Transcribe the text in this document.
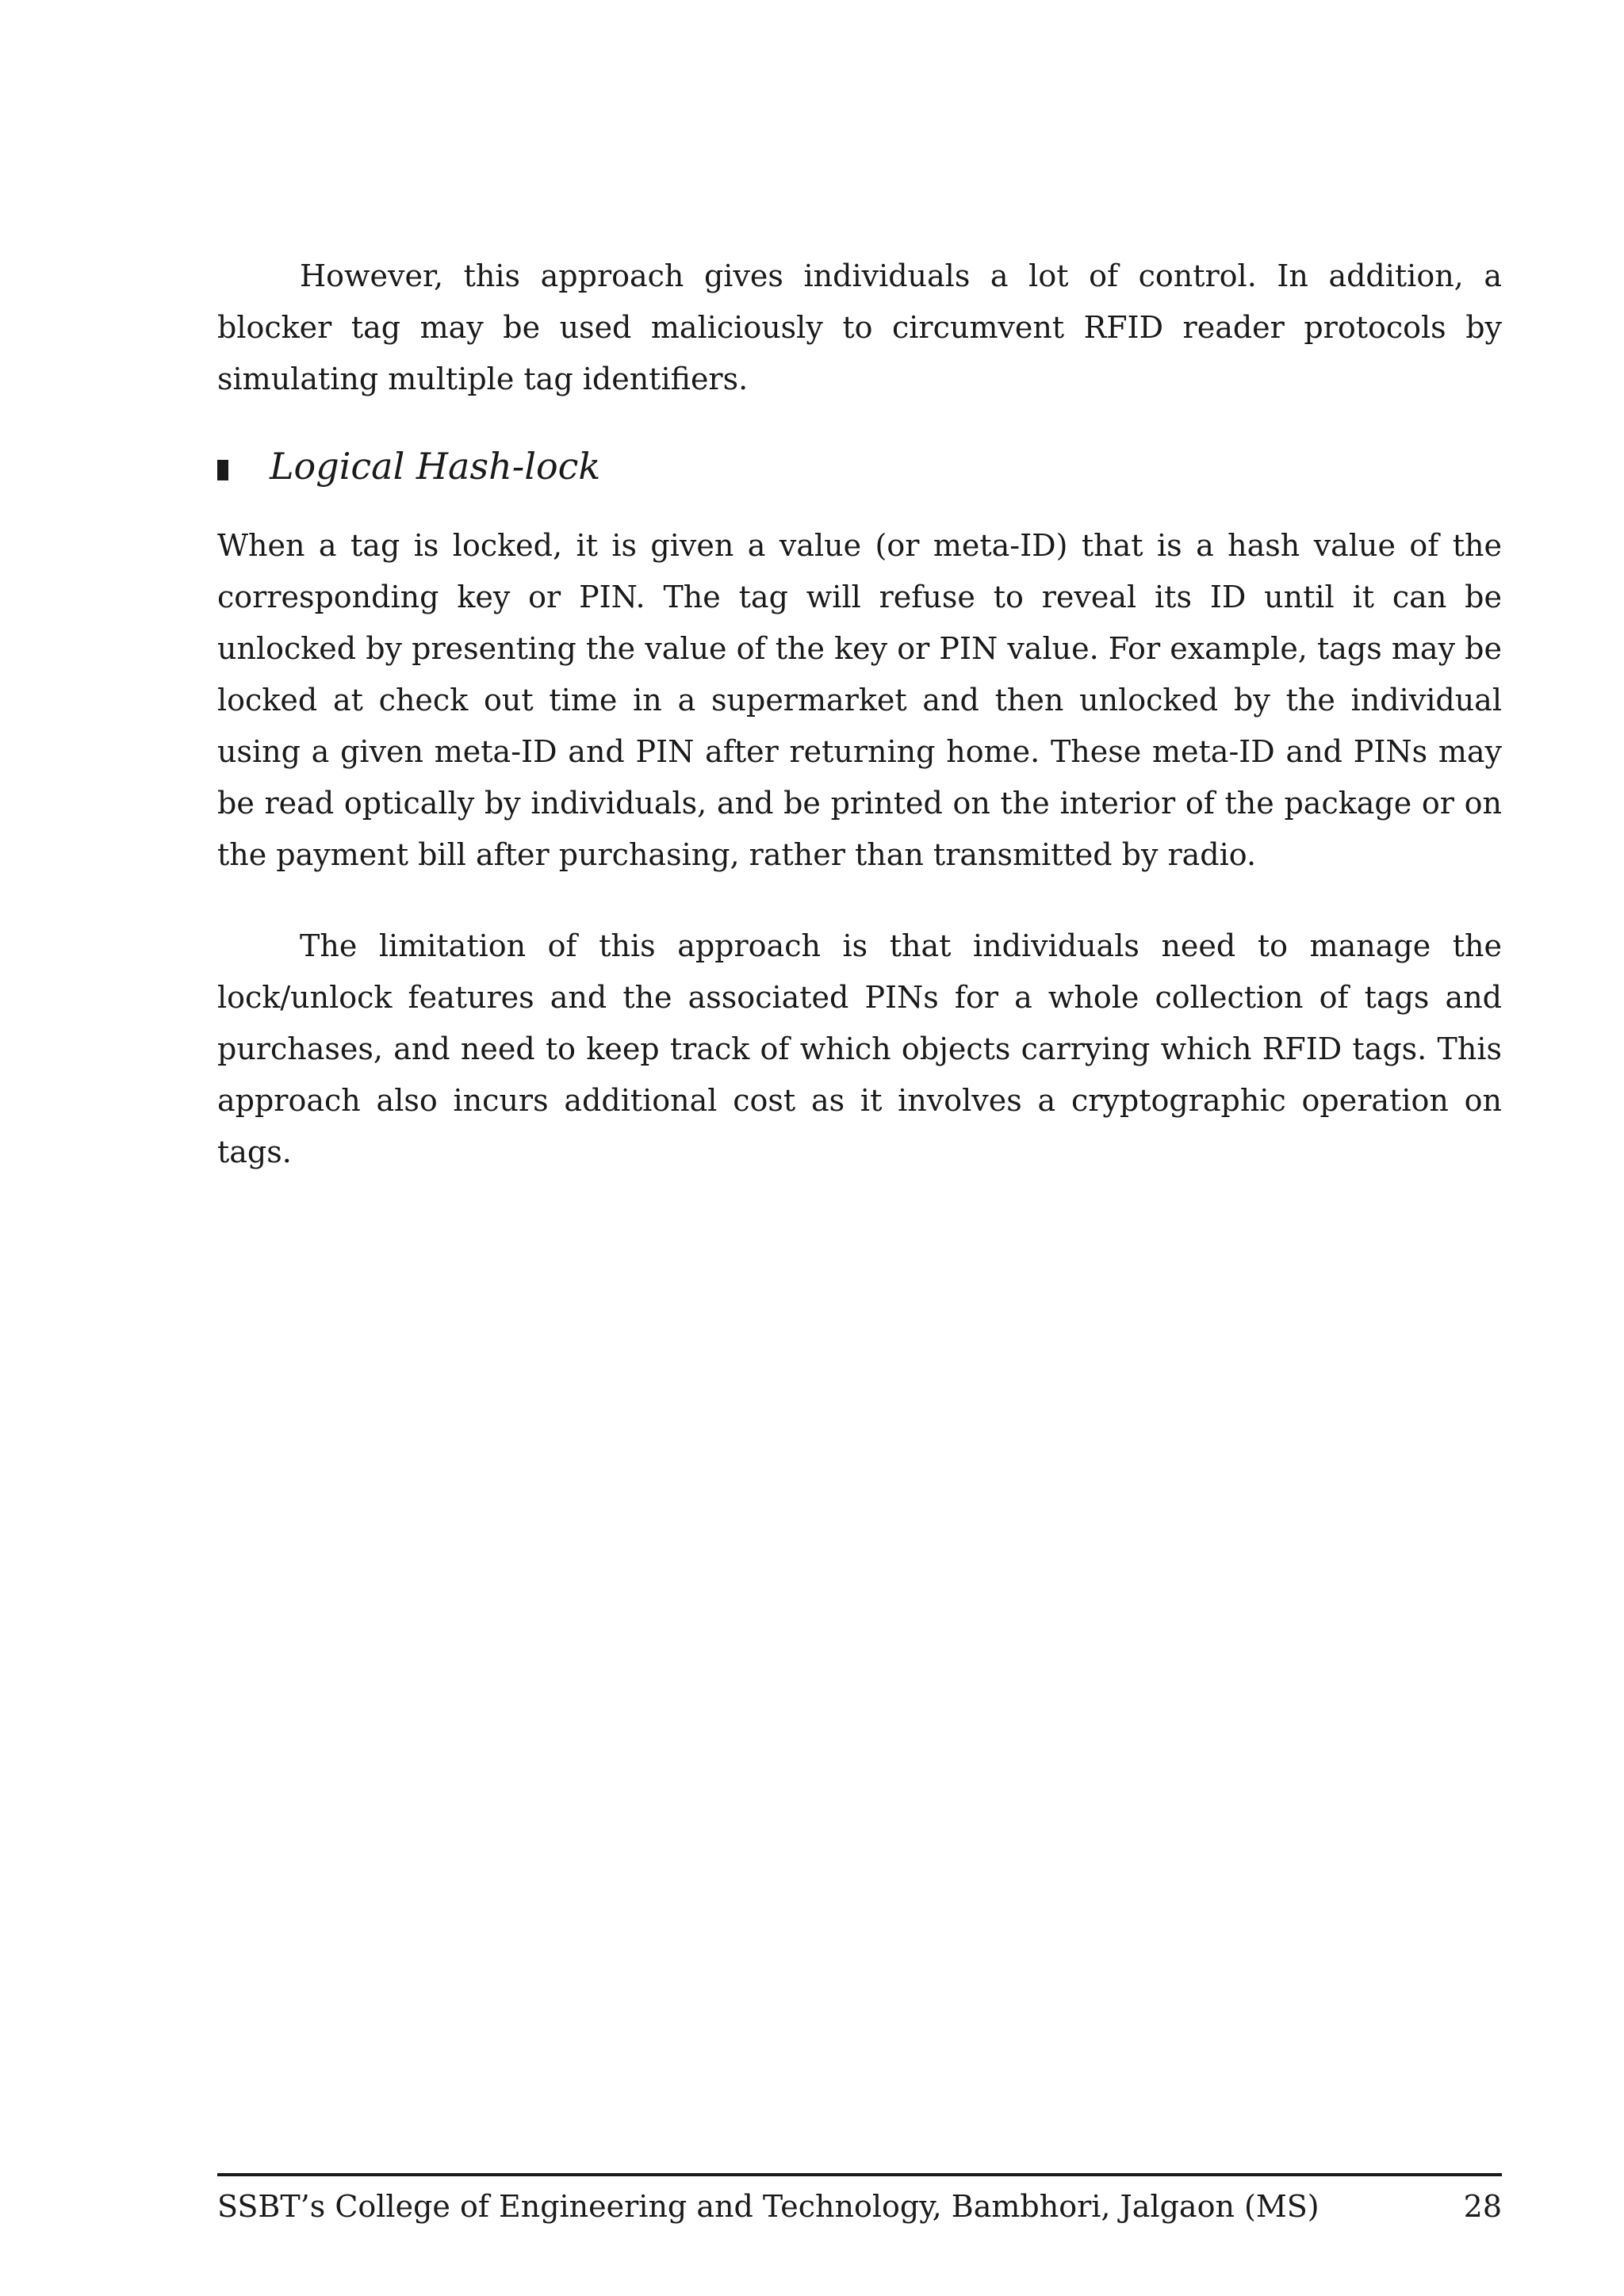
However, this approach gives individuals a lot of control. In addition, a blocker tag may be used maliciously to circumvent RFID reader protocols by simulating multiple tag identifiers.

Logical Hash-lock

When a tag is locked, it is given a value (or meta-ID) that is a hash value of the corresponding key or PIN. The tag will refuse to reveal its ID until it can be unlocked by presenting the value of the key or PIN value. For example, tags may be locked at check out time in a supermarket and then unlocked by the individual using a given meta-ID and PIN after returning home. These meta-ID and PINs may be read optically by individuals, and be printed on the interior of the package or on the payment bill after purchasing, rather than transmitted by radio.

The limitation of this approach is that individuals need to manage the lock/unlock features and the associated PINs for a whole collection of tags and purchases, and need to keep track of which objects carrying which RFID tags. This approach also incurs additional cost as it involves a cryptographic operation on tags.

SSBT’s College of Engineering and Technology, Bambhori, Jalgaon (MS)	28
